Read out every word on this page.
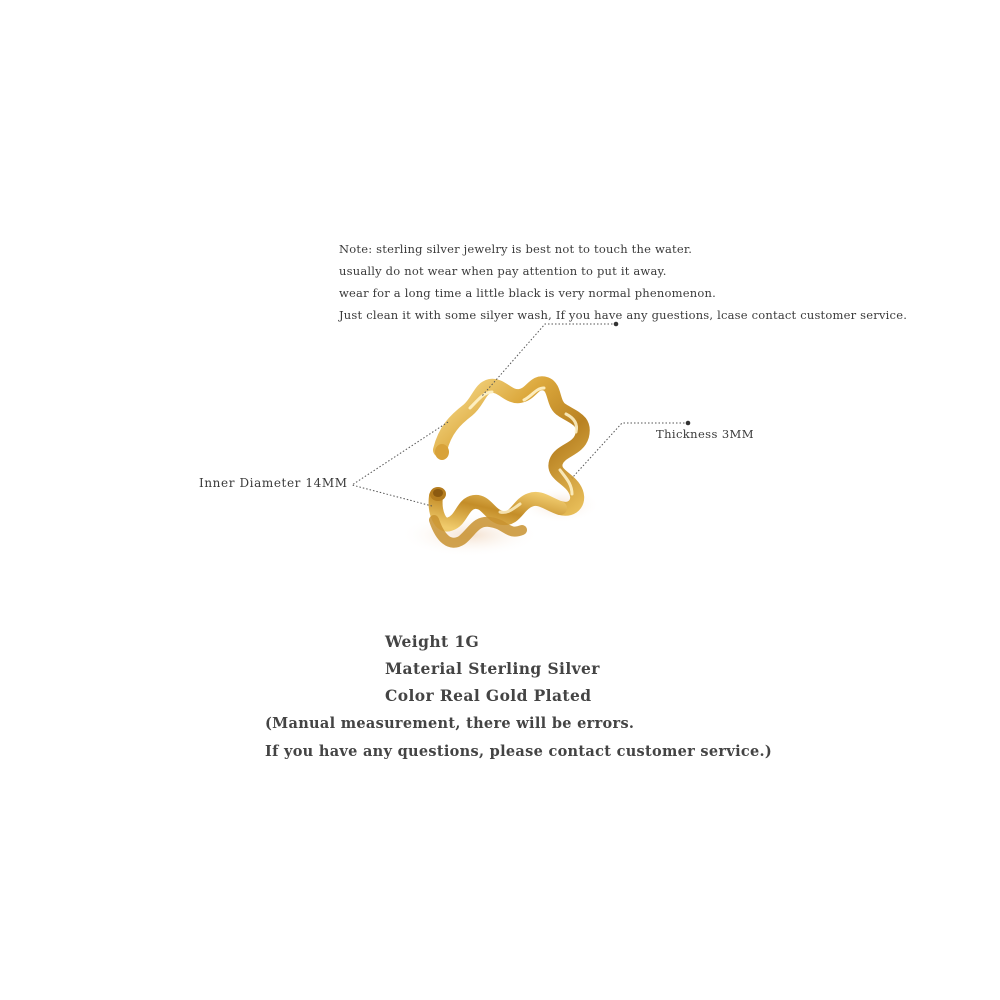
Note: sterling silver jewelry is best not to touch the water.
usually do not wear when pay attention to put it away.
wear for a long time a little black is very normal phenomenon.
Just clean it with some silyer wash, If you have any guestions, lcase contact customer service.
Thickness 3MM
Inner Diameter 14MM
Weight 1G
Material Sterling Silver
Color Real Gold Plated
(Manual measurement, there will be errors.
If you have any questions, please contact customer service.)
